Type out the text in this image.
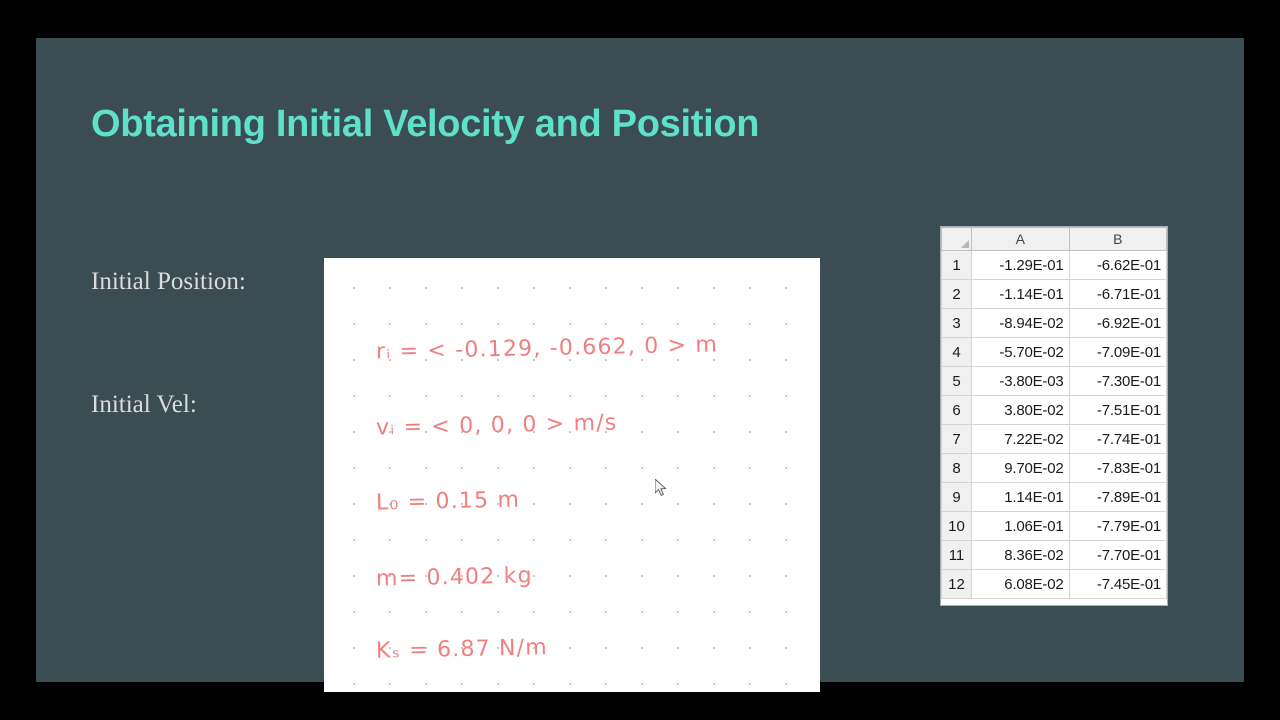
Obtaining Initial Velocity and Position
Initial Position:
Initial Vel:
rᵢ = < -0.129, -0.662, 0 > m
vᵢ = < 0, 0, 0 > m/s
L₀ = 0.15 m
m= 0.402 kg
Kₛ = 6.87 N/m
	A	B
1	-1.29E-01	-6.62E-01
2	-1.14E-01	-6.71E-01
3	-8.94E-02	-6.92E-01
4	-5.70E-02	-7.09E-01
5	-3.80E-03	-7.30E-01
6	3.80E-02	-7.51E-01
7	7.22E-02	-7.74E-01
8	9.70E-02	-7.83E-01
9	1.14E-01	-7.89E-01
10	1.06E-01	-7.79E-01
11	8.36E-02	-7.70E-01
12	6.08E-02	-7.45E-01
